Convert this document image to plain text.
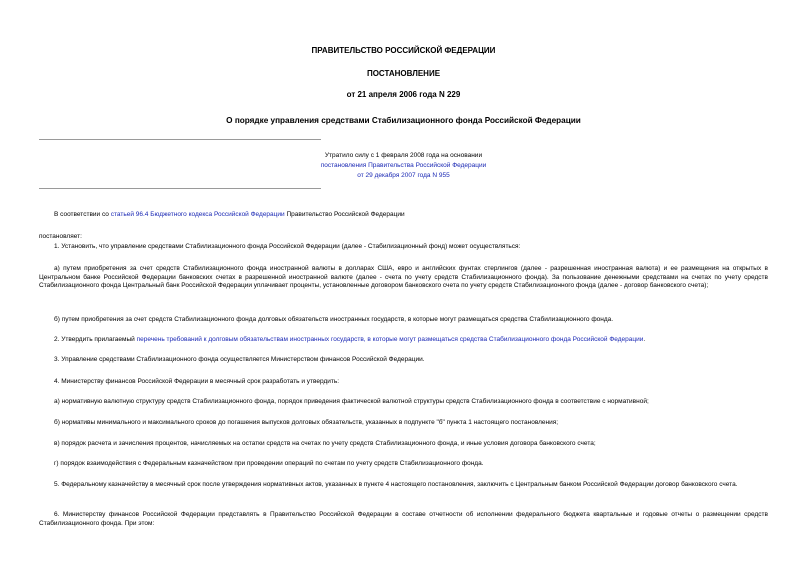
ПРАВИТЕЛЬСТВО РОССИЙСКОЙ ФЕДЕРАЦИИ
ПОСТАНОВЛЕНИЕ
от 21 апреля 2006 года N 229
О порядке управления средствами Стабилизационного фонда Российской Федерации
Утратило силу с 1 февраля 2008 года на основании
постановления Правительства Российской Федерации
от 29 декабря 2007 года N 955

В соответствии со статьей 96.4 Бюджетного кодекса Российской Федерации Правительство Российской Федерации

постановляет:

1. Установить, что управление средствами Стабилизационного фонда Российской Федерации (далее - Стабилизационный фонд) может осуществляться:

а) путем приобретения за счет средств Стабилизационного фонда иностранной валюты в долларах США, евро и английских фунтах стерлингов (далее - разрешенная иностранная валюта) и ее размещения на открытых в Центральном банке Российской Федерации банковских счетах в разрешенной иностранной валюте (далее - счета по учету средств Стабилизационного фонда). За пользование денежными средствами на счетах по учету средств Стабилизационного фонда Центральный банк Российской Федерации уплачивает проценты, установленные договором банковского счета по учету средств Стабилизационного фонда (далее - договор банковского счета);

б) путем приобретения за счет средств Стабилизационного фонда долговых обязательств иностранных государств, в которые могут размещаться средства Стабилизационного фонда.

2. Утвердить прилагаемый перечень требований к долговым обязательствам иностранных государств, в которые могут размещаться средства Стабилизационного фонда Российской Федерации.

3. Управление средствами Стабилизационного фонда осуществляется Министерством финансов Российской Федерации.

4. Министерству финансов Российской Федерации в месячный срок разработать и утвердить:

а) нормативную валютную структуру средств Стабилизационного фонда, порядок приведения фактической валютной структуры средств Стабилизационного фонда в соответствие с нормативной;

б) нормативы минимального и максимального сроков до погашения выпусков долговых обязательств, указанных в подпункте "б" пункта 1 настоящего постановления;

в) порядок расчета и зачисления процентов, начисляемых на остатки средств на счетах по учету средств Стабилизационного фонда, и иные условия договора банковского счета;

г) порядок взаимодействия с Федеральным казначейством при проведении операций по счетам по учету средств Стабилизационного фонда.

5. Федеральному казначейству в месячный срок после утверждения нормативных актов, указанных в пункте 4 настоящего постановления, заключить с Центральным банком Российской Федерации договор банковского счета.

6. Министерству финансов Российской Федерации представлять в Правительство Российской Федерации в составе отчетности об исполнении федерального бюджета квартальные и годовые отчеты о размещении средств Стабилизационного фонда. При этом:
